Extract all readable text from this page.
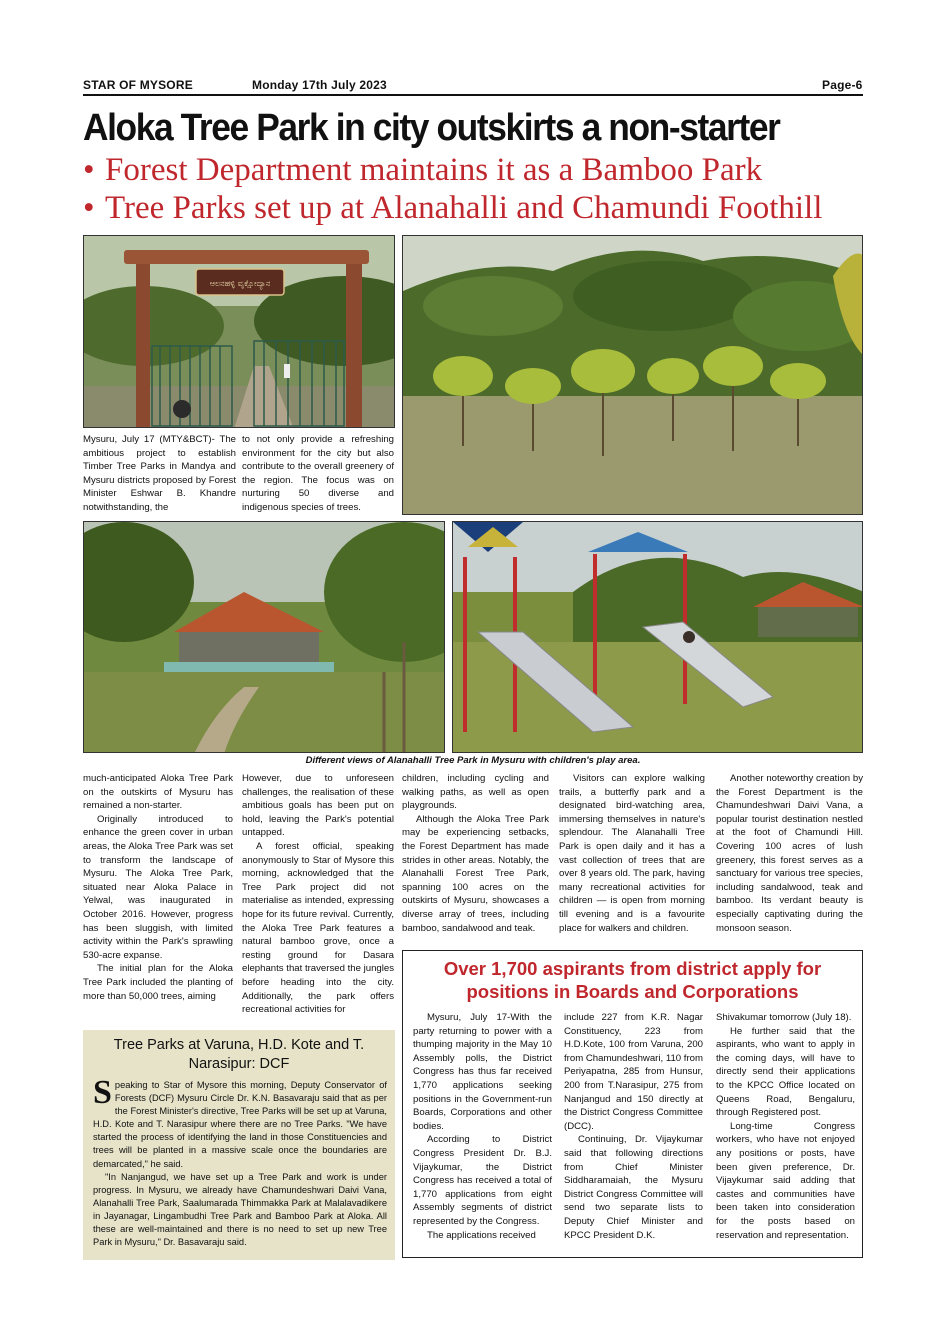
STAR OF MYSORE	Monday 17th July 2023	Page-6
Aloka Tree Park in city outskirts a non-starter
• Forest Department maintains it as a Bamboo Park
• Tree Parks set up at Alanahalli and Chamundi Foothill
ಆಲನಹಳ್ಳಿ ವೃಕ್ಷೋದ್ಯಾನ

Mysuru, July 17 (MTY&BCT)- The ambitious project to establish Timber Tree Parks in Mandya and Mysuru districts proposed by Forest Minister Eshwar B. Khandre notwithstanding, the

to not only provide a refreshing environment for the city but also contribute to the overall greenery of the region. The focus was on nurturing 50 diverse and indigenous species of trees.

Different views of Alanahalli Tree Park in Mysuru with children's play area.

much-anticipated Aloka Tree Park on the outskirts of Mysuru has remained a non-starter.

Originally introduced to enhance the green cover in urban areas, the Aloka Tree Park was set to transform the landscape of Mysuru. The Aloka Tree Park, situated near Aloka Palace in Yelwal, was inaugurated in October 2016. However, progress has been sluggish, with limited activity within the Park's sprawling 530-acre expanse.

The initial plan for the Aloka Tree Park included the planting of more than 50,000 trees, aiming

However, due to unforeseen challenges, the realisation of these ambitious goals has been put on hold, leaving the Park's potential untapped.

A forest official, speaking anonymously to Star of Mysore this morning, acknowledged that the Tree Park project did not materialise as intended, expressing hope for its future revival. Currently, the Aloka Tree Park features a natural bamboo grove, once a resting ground for Dasara elephants that traversed the jungles before heading into the city. Additionally, the park offers recreational activities for

children, including cycling and walking paths, as well as open playgrounds.

Although the Aloka Tree Park may be experiencing setbacks, the Forest Department has made strides in other areas. Notably, the Alanahalli Forest Tree Park, spanning 100 acres on the outskirts of Mysuru, showcases a diverse array of trees, including bamboo, sandalwood and teak.

Visitors can explore walking trails, a butterfly park and a designated bird-watching area, immersing themselves in nature's splendour. The Alanahalli Tree Park is open daily and it has a vast collection of trees that are over 8 years old. The park, having many recreational activities for children — is open from morning till evening and is a favourite place for walkers and children.

Another noteworthy creation by the Forest Department is the Chamundeshwari Daivi Vana, a popular tourist destination nestled at the foot of Chamundi Hill. Covering 100 acres of lush greenery, this forest serves as a sanctuary for various tree species, including sandalwood, teak and bamboo. Its verdant beauty is especially captivating during the monsoon season.

Tree Parks at Varuna, H.D. Kote and T. Narasipur: DCF

Speaking to Star of Mysore this morning, Deputy Conservator of Forests (DCF) Mysuru Circle Dr. K.N. Basavaraju said that as per the Forest Minister's directive, Tree Parks will be set up at Varuna, H.D. Kote and T. Narasipur where there are no Tree Parks. "We have started the process of identifying the land in those Constituencies and trees will be planted in a massive scale once the boundaries are demarcated," he said.

"In Nanjangud, we have set up a Tree Park and work is under progress. In Mysuru, we already have Chamundeshwari Daivi Vana, Alanahalli Tree Park, Saalumarada Thimmakka Park at Malalavadikere in Jayanagar, Lingambudhi Tree Park and Bamboo Park at Aloka. All these are well-maintained and there is no need to set up new Tree Park in Mysuru," Dr. Basavaraju said.

Over 1,700 aspirants from district apply for positions in Boards and Corporations

Mysuru, July 17-With the party returning to power with a thumping majority in the May 10 Assembly polls, the District Congress has thus far received 1,770 applications seeking positions in the Government-run Boards, Corporations and other bodies.

According to District Congress President Dr. B.J. Vijaykumar, the District Congress has received a total of 1,770 applications from eight Assembly segments of district represented by the Congress.

The applications received

include 227 from K.R. Nagar Constituency, 223 from H.D.Kote, 100 from Varuna, 200 from Chamundeshwari, 110 from Periyapatna, 285 from Hunsur, 200 from T.Narasipur, 275 from Nanjangud and 150 directly at the District Congress Committee (DCC).

Continuing, Dr. Vijaykumar said that following directions from Chief Minister Siddharamaiah, the Mysuru District Congress Committee will send two separate lists to Deputy Chief Minister and KPCC President D.K.

Shivakumar tomorrow (July 18).

He further said that the aspirants, who want to apply in the coming days, will have to directly send their applications to the KPCC Office located on Queens Road, Bengaluru, through Registered post.

Long-time Congress workers, who have not enjoyed any positions or posts, have been given preference, Dr. Vijaykumar said adding that castes and communities have been taken into consideration for the posts based on reservation and representation.
